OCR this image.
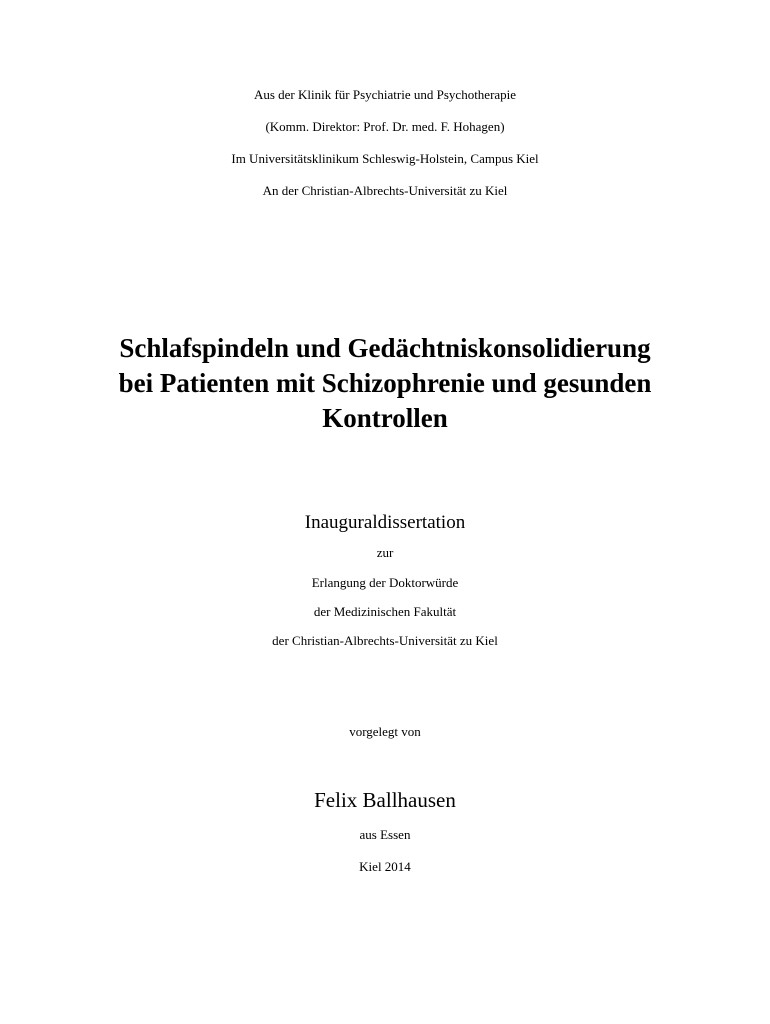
Aus der Klinik für Psychiatrie und Psychotherapie
(Komm. Direktor: Prof. Dr. med. F. Hohagen)
Im Universitätsklinikum Schleswig-Holstein, Campus Kiel
An der Christian-Albrechts-Universität zu Kiel
Schlafspindeln und Gedächtniskonsolidierung
bei Patienten mit Schizophrenie und gesunden
Kontrollen
Inauguraldissertation
zur
Erlangung der Doktorwürde
der Medizinischen Fakultät
der Christian-Albrechts-Universität zu Kiel
vorgelegt von
Felix Ballhausen
aus Essen
Kiel 2014
